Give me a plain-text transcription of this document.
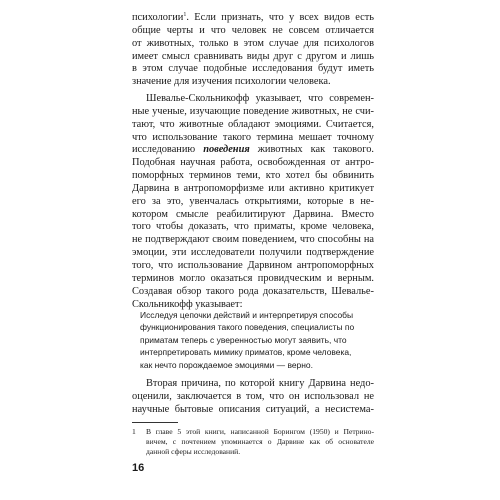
психологии$^1$. Если признать, что у всех видов есть
общие черты и что человек не совсем отличается
от животных, только в этом случае для психологов
имеет смысл сравнивать виды друг с другом и лишь
в этом случае подобные исследования будут иметь
значение для изучения психологии человека.
Шевалье-Скольникофф указывает, что современ-
ные ученые, изучающие поведение животных, не счи-
тают, что животные обладают эмоциями. Считается,
что использование такого термина мешает точному
исследованию поведения животных как такового.
Подобная научная работа, освобожденная от антро-
поморфных терминов теми, кто хотел бы обвинить
Дарвина в антропоморфизме или активно критикует
его за это, увенчалась открытиями, которые в не-
котором смысле реабилитируют Дарвина. Вместо
того чтобы доказать, что приматы, кроме человека,
не подтверждают своим поведением, что способны на
эмоции, эти исследователи получили подтверждение
того, что использование Дарвином антропоморфных
терминов могло оказаться провидческим и верным.
Создавая обзор такого рода доказательств, Шевалье-
Скольникофф указывает:
Исследуя цепочки действий и интерпретируя способы
функционирования такого поведения, специалисты по
приматам теперь с уверенностью могут заявить, что
интерпретировать мимику приматов, кроме человека,
как нечто порождаемое эмоциями — верно.
Вторая причина, по которой книгу Дарвина недо-
оценили, заключается в том, что он использовал не
научные бытовые описания ситуаций, а несистема-
1 В главе 5 этой книги, написанной Борингом (1950) и Петрино-
вичем, с почтением упоминается о Дарвине как об основателе
данной сферы исследований.
16
